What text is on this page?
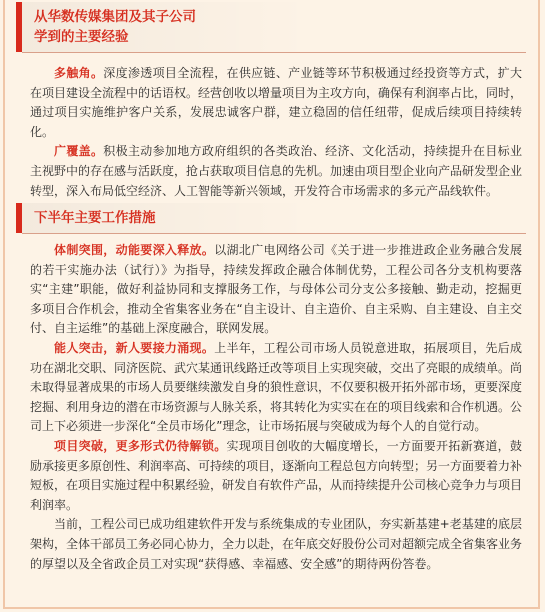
从华数传媒集团及其子公司
学到的主要经验

多触角。深度渗透项目全流程，在供应链、产业链等环节积极通过经投资等方式，扩大在项目建设全流程中的话语权。经营创收以增量项目为主攻方向，确保有利润率占比，同时，通过项目实施维护客户关系，发展忠诚客户群，建立稳固的信任纽带，促成后续项目持续转化。

广覆盖。积极主动参加地方政府组织的各类政治、经济、文化活动，持续提升在目标业主视野中的存在感与活跃度，抢占获取项目信息的先机。加速由项目型企业向产品研发型企业转型，深入布局低空经济、人工智能等新兴领域，开发符合市场需求的多元产品线软件。

下半年主要工作措施

体制突围，动能要深入释放。以湖北广电网络公司《关于进一步推进政企业务融合发展的若干实施办法（试行）》为指导，持续发挥政企融合体制优势，工程公司各分支机构要落实“主建”职能，做好利益协同和支撑服务工作，与母体公司分支公多接触、勤走动，挖掘更多项目合作机会，推动全省集客业务在“自主设计、自主造价、自主采购、自主建设、自主交付、自主运维”的基础上深度融合，联网发展。

能人突击，新人要接力涌现。上半年，工程公司市场人员锐意进取，拓展项目，先后成功在湖北交职、同济医院、武穴某通讯线路迁改等项目上实现突破，交出了亮眼的成绩单。尚未取得显著成果的市场人员要继续激发自身的狼性意识，不仅要积极开拓外部市场，更要深度挖掘、利用身边的潜在市场资源与人脉关系，将其转化为实实在在的项目线索和合作机遇。公司上下必须进一步深化“全员市场化”理念，让市场拓展与突破成为每个人的自觉行动。

项目突破，更多形式仍待解锁。实现项目创收的大幅度增长，一方面要开拓新赛道，鼓励承接更多原创性、利润率高、可持续的项目，逐渐向工程总包方向转型；另一方面要着力补短板，在项目实施过程中积累经验，研发自有软件产品，从而持续提升公司核心竞争力与项目利润率。

当前，工程公司已成功组建软件开发与系统集成的专业团队，夯实新基建+老基建的底层架构，全体干部员工务必同心协力，全力以赴，在年底交好股份公司对超额完成全省集客业务的厚望以及全省政企员工对实现“获得感、幸福感、安全感”的期待两份答卷。
